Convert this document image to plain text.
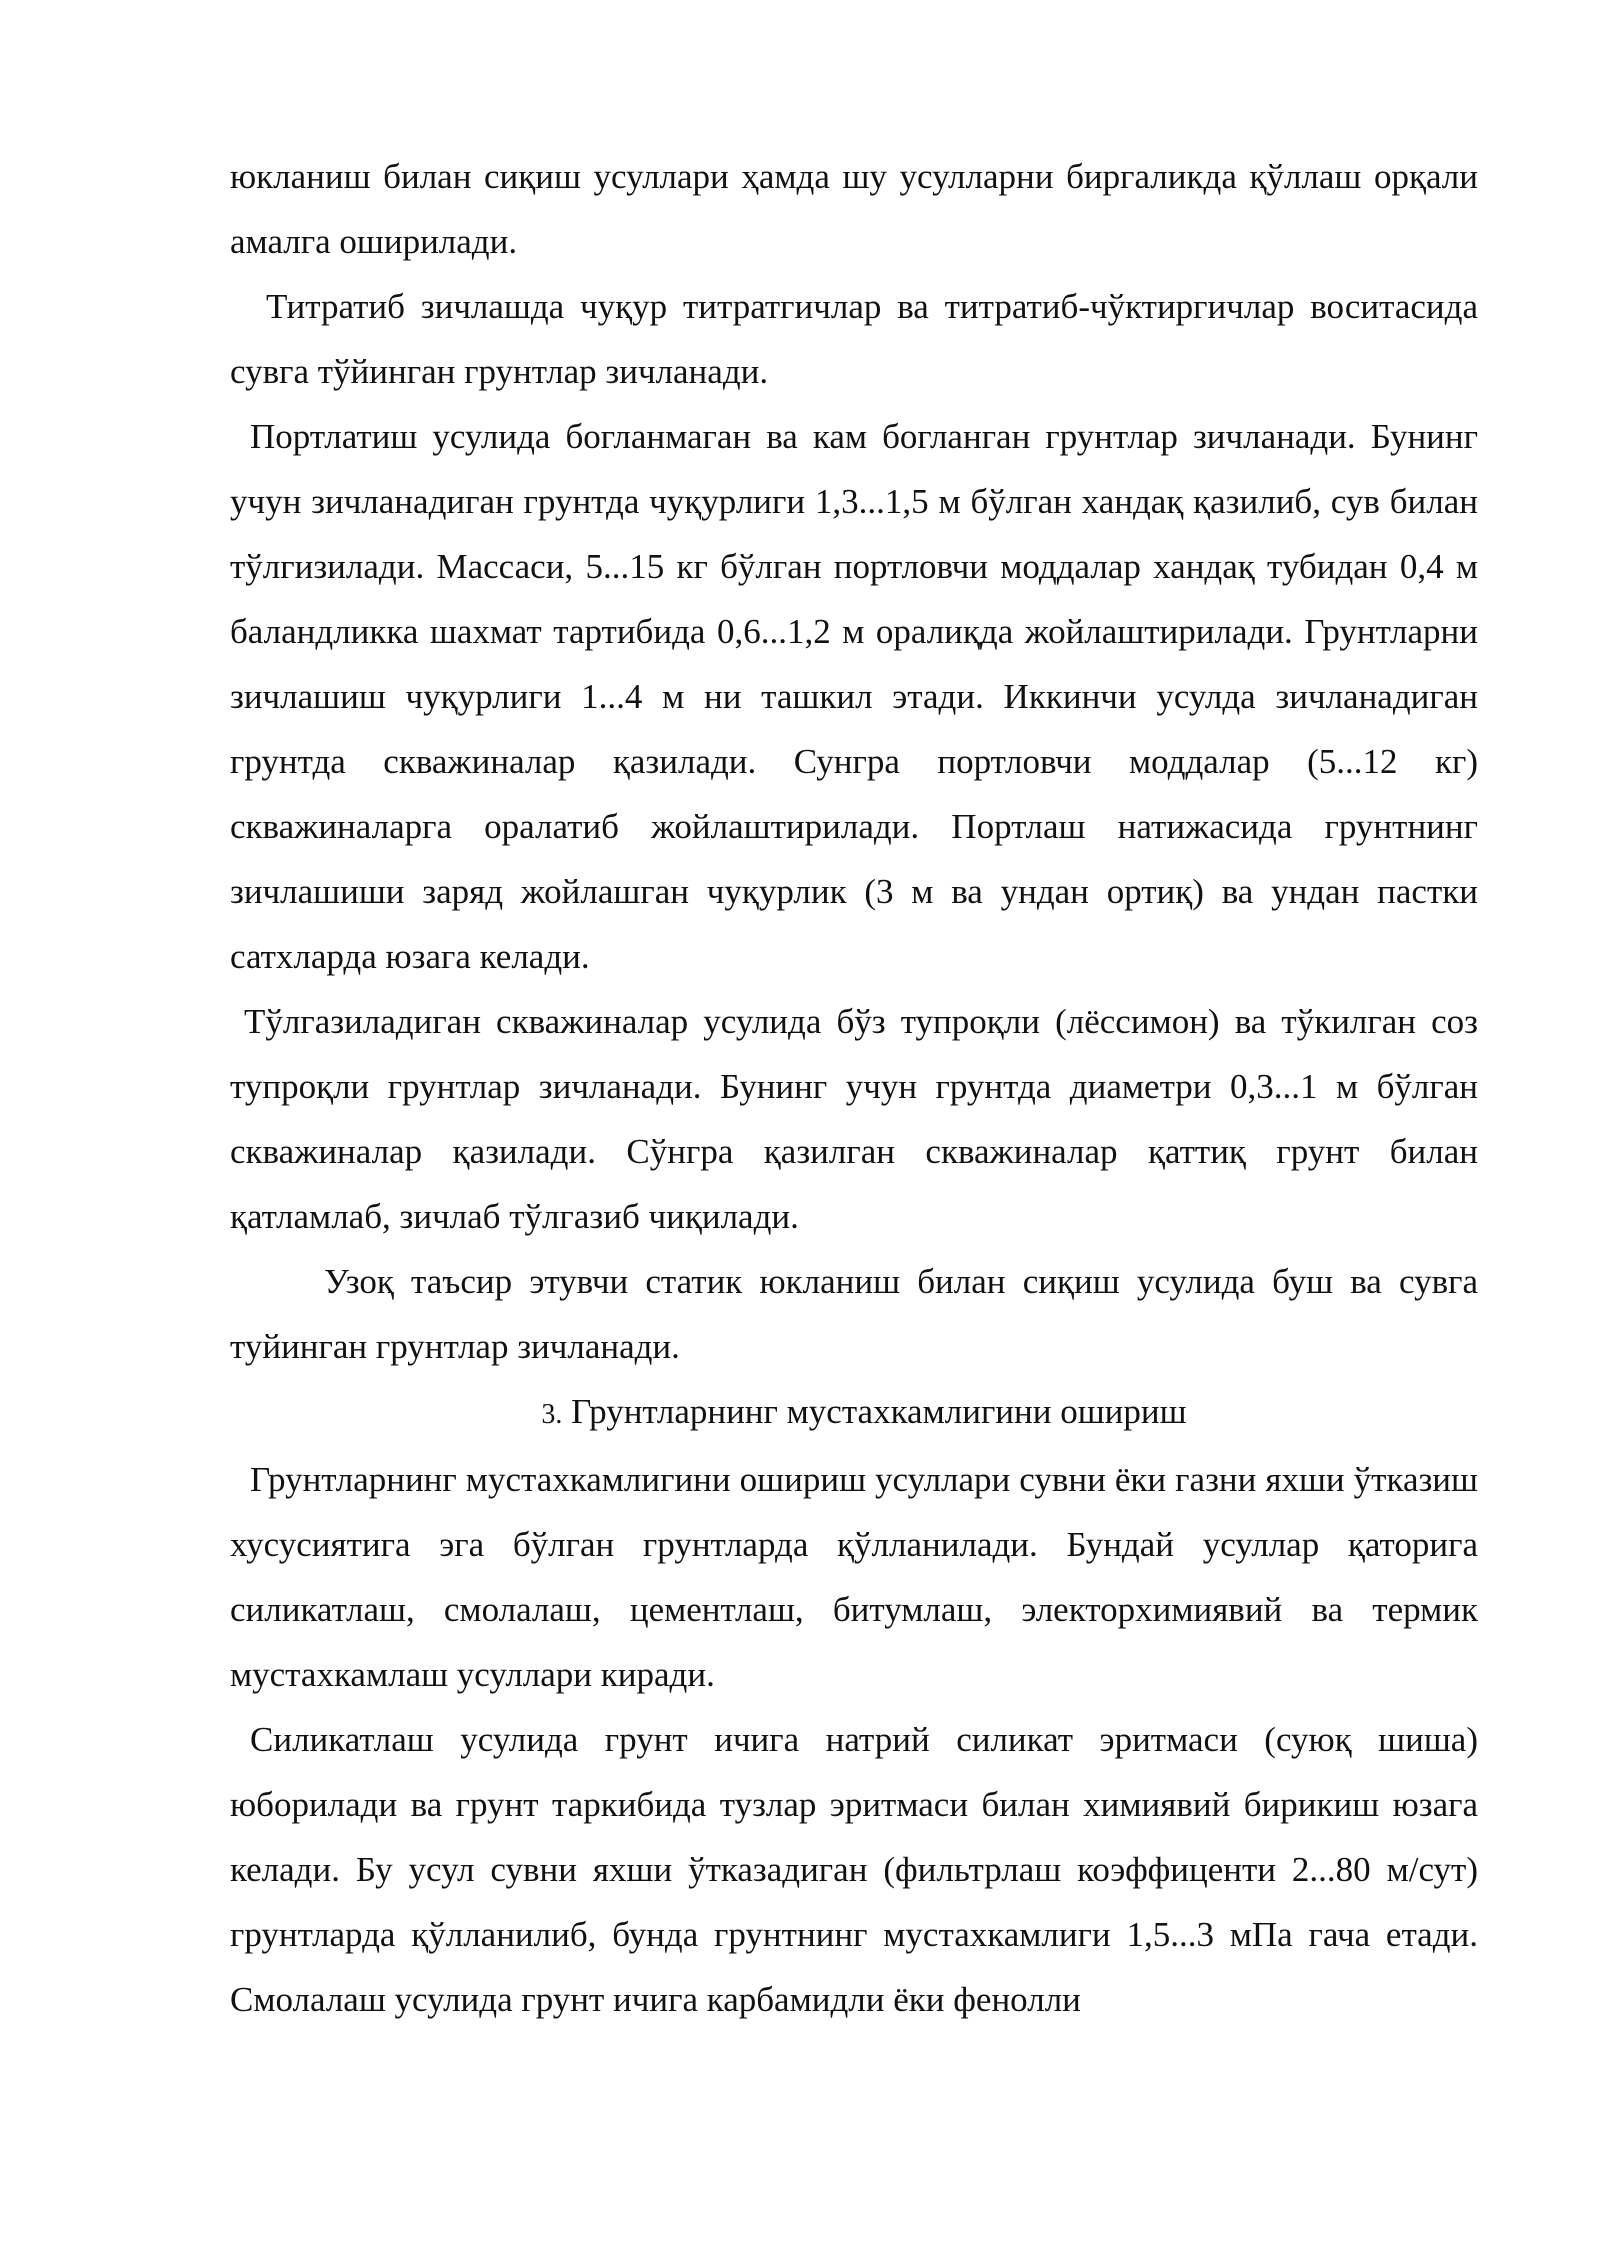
юкланиш билан сиқиш усуллари ҳамда шу усулларни биргаликда қўллаш орқали амалга оширилади.

Титратиб зичлашда чуқур титратгичлар ва титратиб-чўктиргичлар воситасида сувга тўйинган грунтлар зичланади.

Портлатиш усулида богланмаган ва кам богланган грунтлар зичланади. Бунинг учун зичланадиган грунтда чуқурлиги 1,3...1,5 м бўлган хандақ қазилиб, сув билан тўлгизилади. Массаси, 5...15 кг бўлган портловчи моддалар хандақ тубидан 0,4 м баландликка шахмат тартибида 0,6...1,2 м оралиқда жойлаштирилади. Грунтларни зичлашиш чуқурлиги 1...4 м ни ташкил этади. Иккинчи усулда зичланадиган грунтда скважиналар қазилади. Сунгра портловчи моддалар (5...12 кг) скважиналарга оралатиб жойлаштирилади. Портлаш натижасида грунтнинг зичлашиши заряд жойлашган чуқурлик (3 м ва ундан ортиқ) ва ундан пастки сатхларда юзага келади.

Тўлгазиладиган скважиналар усулида бўз тупроқли (лёссимон) ва тўкилган соз тупроқли грунтлар зичланади. Бунинг учун грунтда диаметри 0,3...1 м бўлган скважиналар қазилади. Сўнгра қазилган скважиналар қаттиқ грунт билан қатламлаб, зичлаб тўлгазиб чиқилади.

Узоқ таъсир этувчи статик юкланиш билан сиқиш усулида буш ва сувга туйинган грунтлар зичланади.

3. Грунтларнинг мустахкамлигини ошириш

Грунтларнинг мустахкамлигини ошириш усуллари сувни ёки газни яхши ўтказиш хусусиятига эга бўлган грунтларда қўлланилади. Бундай усуллар қаторига силикатлаш, смолалаш, цементлаш, битумлаш, электорхимиявий ва термик мустахкамлаш усуллари киради.

Силикатлаш усулида грунт ичига натрий силикат эритмаси (суюқ шиша) юборилади ва грунт таркибида тузлар эритмаси билан химиявий бирикиш юзага келади. Бу усул сувни яхши ўтказадиган (фильтрлаш коэффиценти 2...80 м/сут) грунтларда қўлланилиб, бунда грунтнинг мустахкамлиги 1,5...3 мПа гача етади. Смолалаш усулида грунт ичига карбамидли ёки фенолли
